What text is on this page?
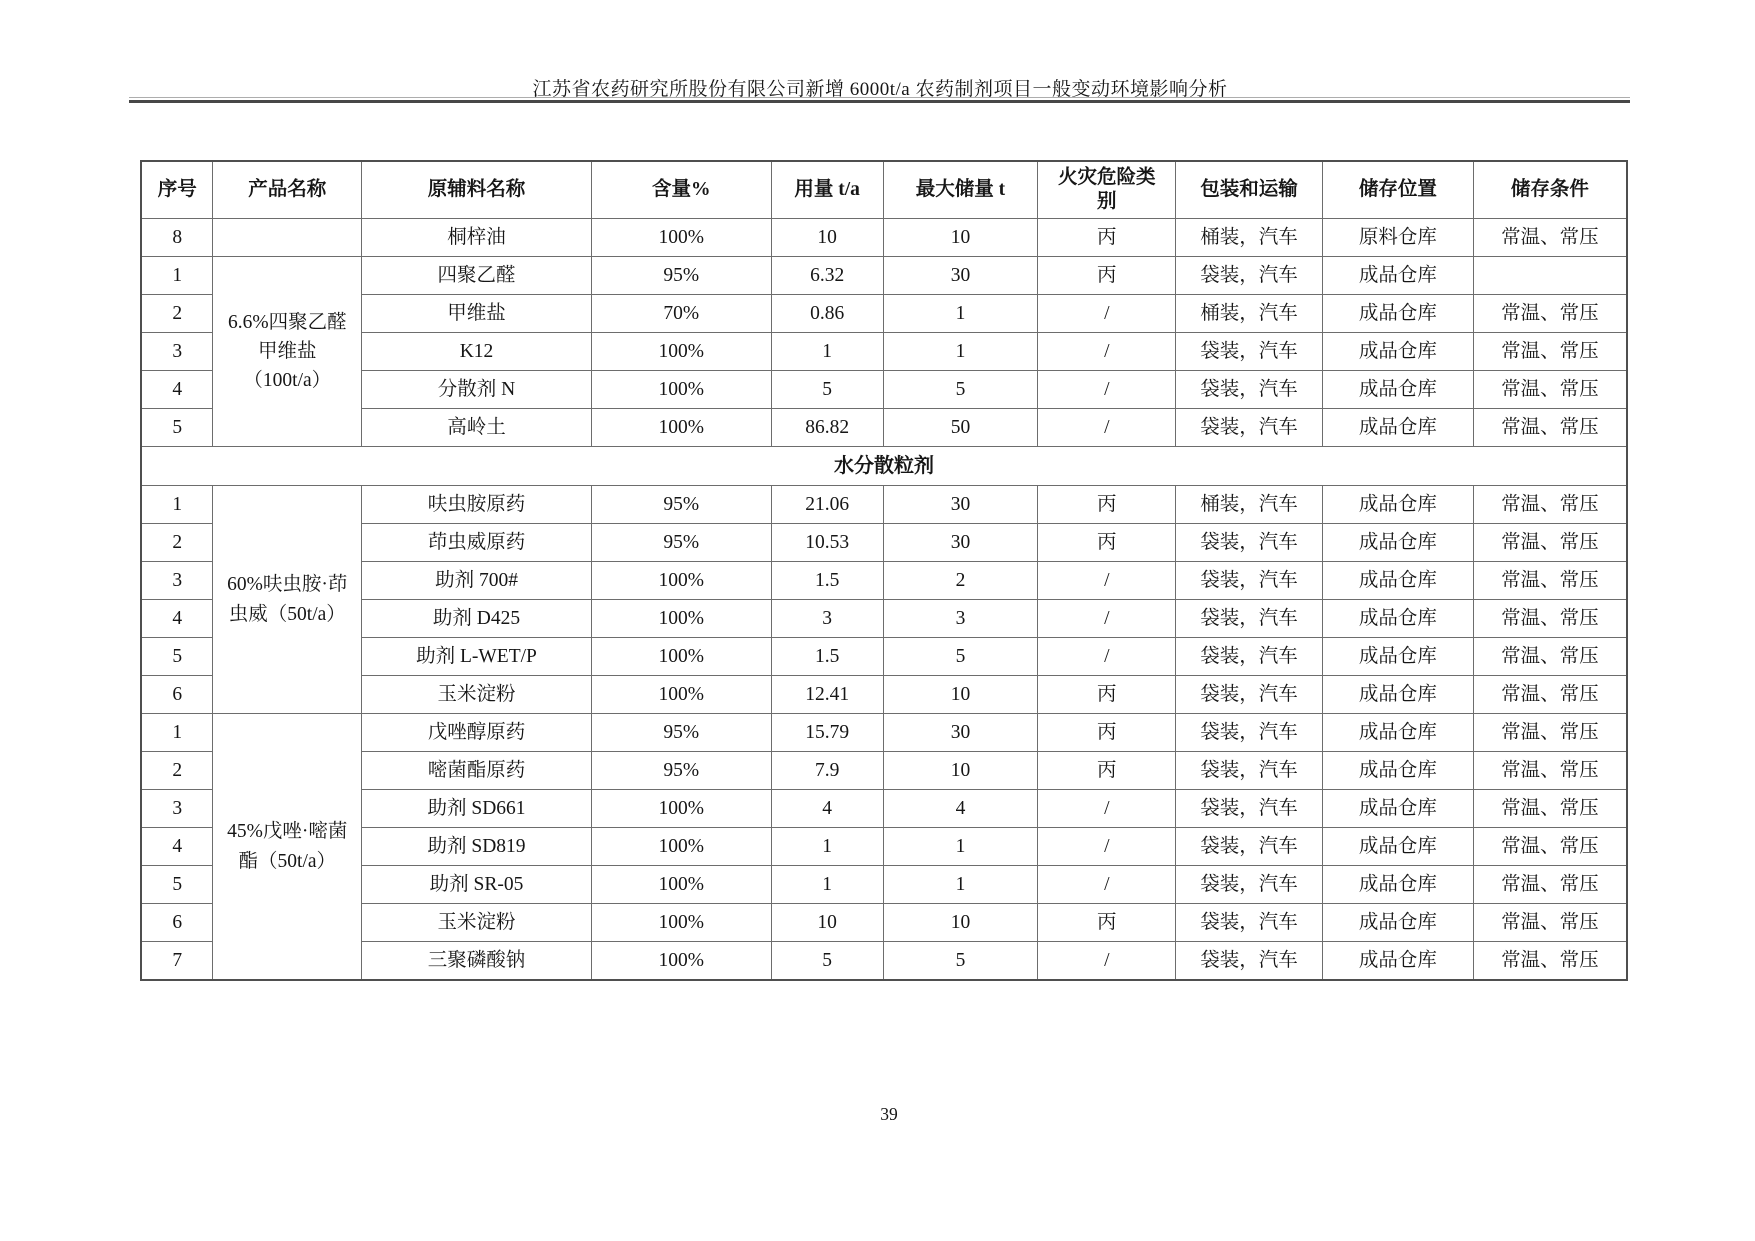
江苏省农药研究所股份有限公司新增 6000t/a 农药制剂项目一般变动环境影响分析
序号	产品名称	原辅料名称	含量%	用量 t/a	最大储量 t	火灾危险类别	包装和运输	储存位置	储存条件
8		桐梓油	100%	10	10	丙	桶装，汽车	原料仓库	常温、常压
1	6.6%四聚乙醛甲维盐（100t/a）	四聚乙醛	95%	6.32	30	丙	袋装，汽车	成品仓库	
2		甲维盐	70%	0.86	1	/	桶装，汽车	成品仓库	常温、常压
3		K12	100%	1	1	/	袋装，汽车	成品仓库	常温、常压
4		分散剂 N	100%	5	5	/	袋装，汽车	成品仓库	常温、常压
5		高岭土	100%	86.82	50	/	袋装，汽车	成品仓库	常温、常压
水分散粒剂									
1	60%呋虫胺·茚虫威（50t/a）	呋虫胺原药	95%	21.06	30	丙	桶装，汽车	成品仓库	常温、常压
2		茚虫威原药	95%	10.53	30	丙	袋装，汽车	成品仓库	常温、常压
3		助剂 700#	100%	1.5	2	/	袋装，汽车	成品仓库	常温、常压
4		助剂 D425	100%	3	3	/	袋装，汽车	成品仓库	常温、常压
5		助剂 L-WET/P	100%	1.5	5	/	袋装，汽车	成品仓库	常温、常压
6		玉米淀粉	100%	12.41	10	丙	袋装，汽车	成品仓库	常温、常压
1	45%戊唑·嘧菌酯（50t/a）	戊唑醇原药	95%	15.79	30	丙	袋装，汽车	成品仓库	常温、常压
2		嘧菌酯原药	95%	7.9	10	丙	袋装，汽车	成品仓库	常温、常压
3		助剂 SD661	100%	4	4	/	袋装，汽车	成品仓库	常温、常压
4		助剂 SD819	100%	1	1	/	袋装，汽车	成品仓库	常温、常压
5		助剂 SR-05	100%	1	1	/	袋装，汽车	成品仓库	常温、常压
6		玉米淀粉	100%	10	10	丙	袋装，汽车	成品仓库	常温、常压
7		三聚磷酸钠	100%	5	5	/	袋装，汽车	成品仓库	常温、常压
39
